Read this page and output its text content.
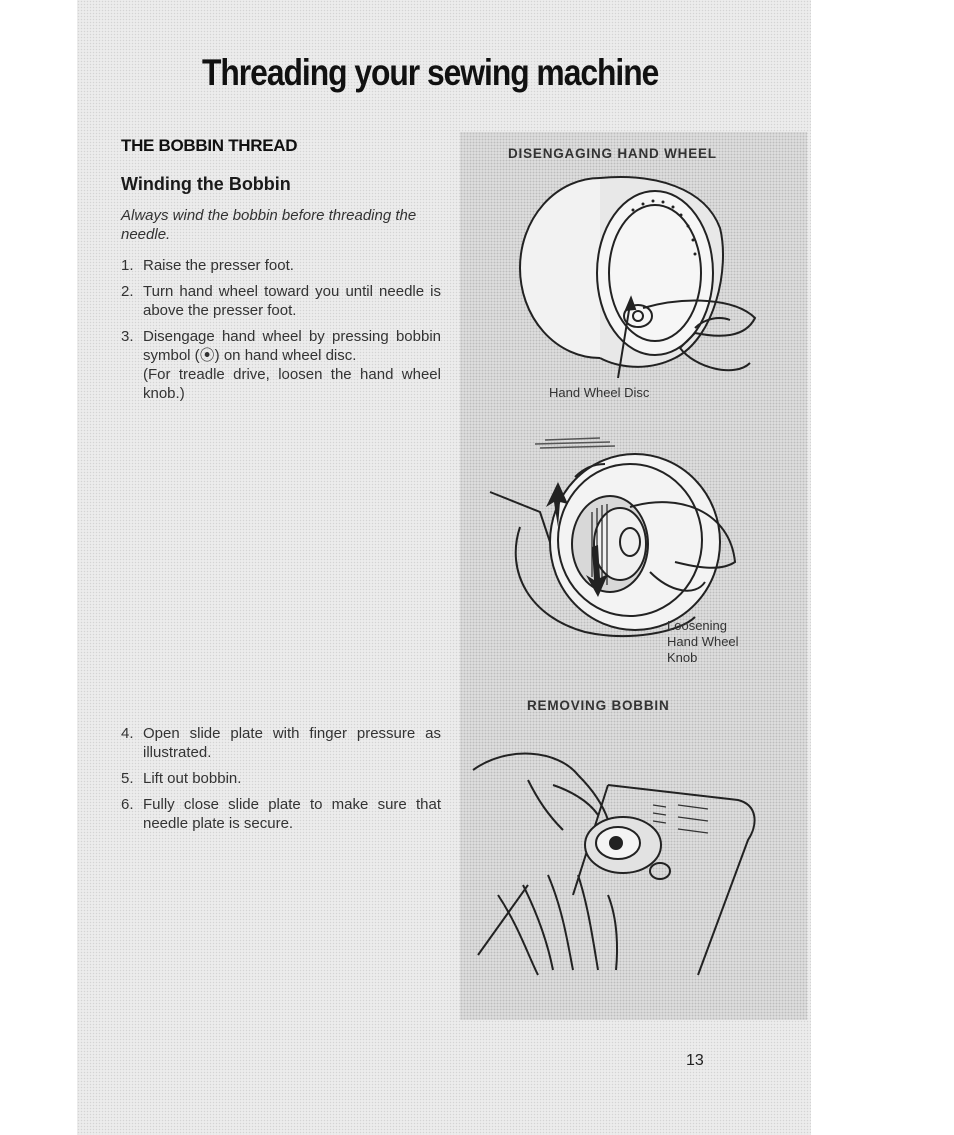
Threading your sewing machine
THE BOBBIN THREAD
Winding the Bobbin
Always wind the bobbin before threading the needle.
1. Raise the presser foot.
2. Turn hand wheel toward you until needle is above the presser foot.
3. Disengage hand wheel by pressing bobbin symbol (⦿) on hand wheel disc.
(For treadle drive, loosen the hand wheel knob.)
4. Open slide plate with finger pressure as illustrated.
5. Lift out bobbin.
6. Fully close slide plate to make sure that needle plate is secure.
DISENGAGING HAND WHEEL
Hand Wheel Disc
Loosening
Hand Wheel
Knob
REMOVING BOBBIN
13
